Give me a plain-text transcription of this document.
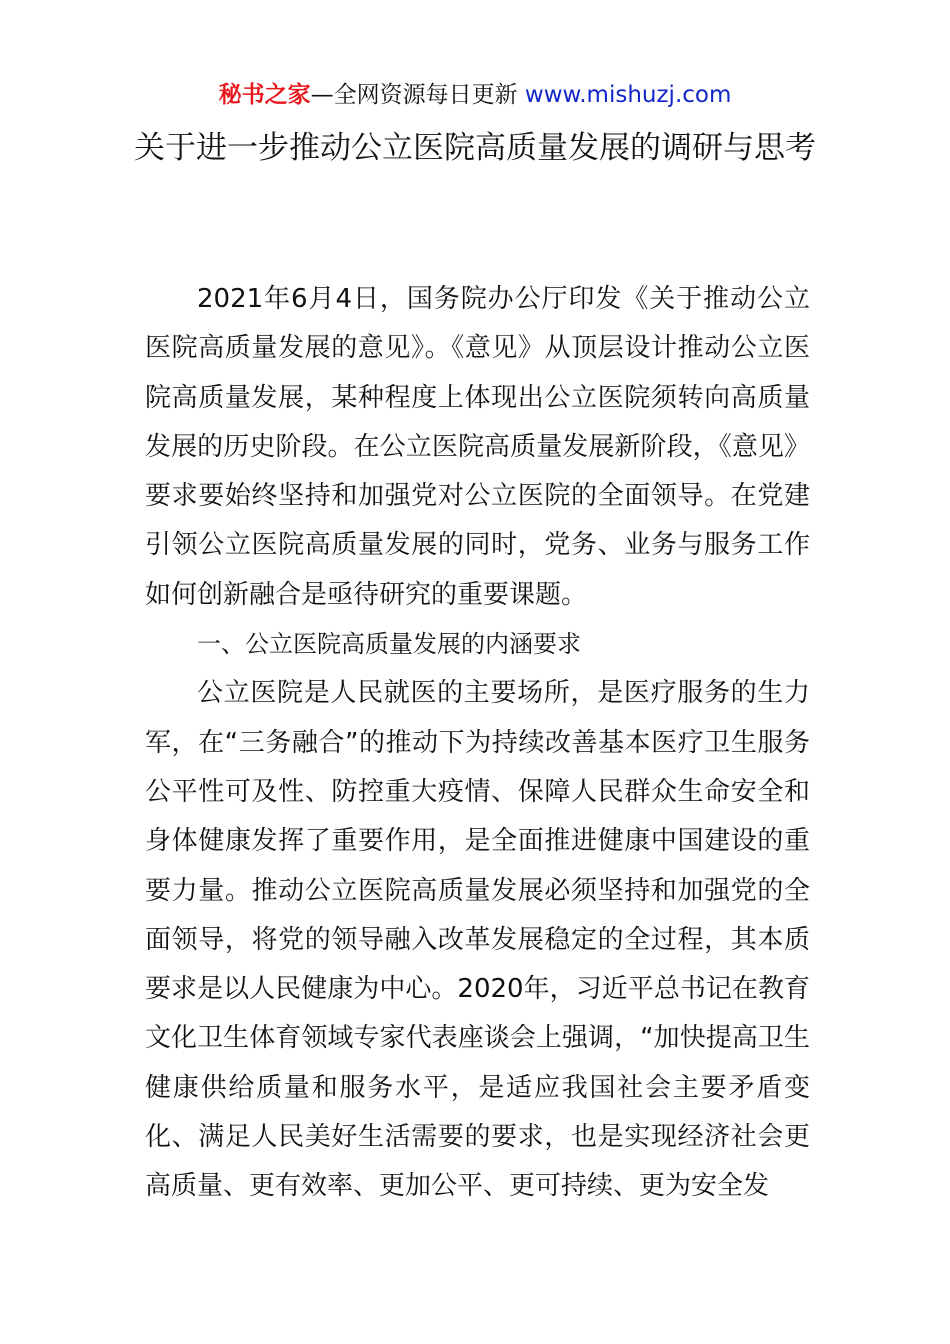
秘书之家—全网资源每日更新 www.mishuzj.com
关于进一步推动公立医院高质量发展的调研与思考

2021年6月4日，国务院办公厅印发《关于推动公立医院高质量发展的意见》。《意见》从顶层设计推动公立医院高质量发展，某种程度上体现出公立医院须转向高质量发展的历史阶段。在公立医院高质量发展新阶段，《意见》要求要始终坚持和加强党对公立医院的全面领导。在党建引领公立医院高质量发展的同时，党务、业务与服务工作如何创新融合是亟待研究的重要课题。

一、公立医院高质量发展的内涵要求

公立医院是人民就医的主要场所，是医疗服务的生力军，在“三务融合”的推动下为持续改善基本医疗卫生服务公平性可及性、防控重大疫情、保障人民群众生命安全和身体健康发挥了重要作用，是全面推进健康中国建设的重要力量。推动公立医院高质量发展必须坚持和加强党的全面领导，将党的领导融入改革发展稳定的全过程，其本质要求是以人民健康为中心。2020年，习近平总书记在教育文化卫生体育领域专家代表座谈会上强调，“加快提高卫生健康供给质量和服务水平，是适应我国社会主要矛盾变化、满足人民美好生活需要的要求，也是实现经济社会更高质量、更有效率、更加公平、更可持续、更为安全发
